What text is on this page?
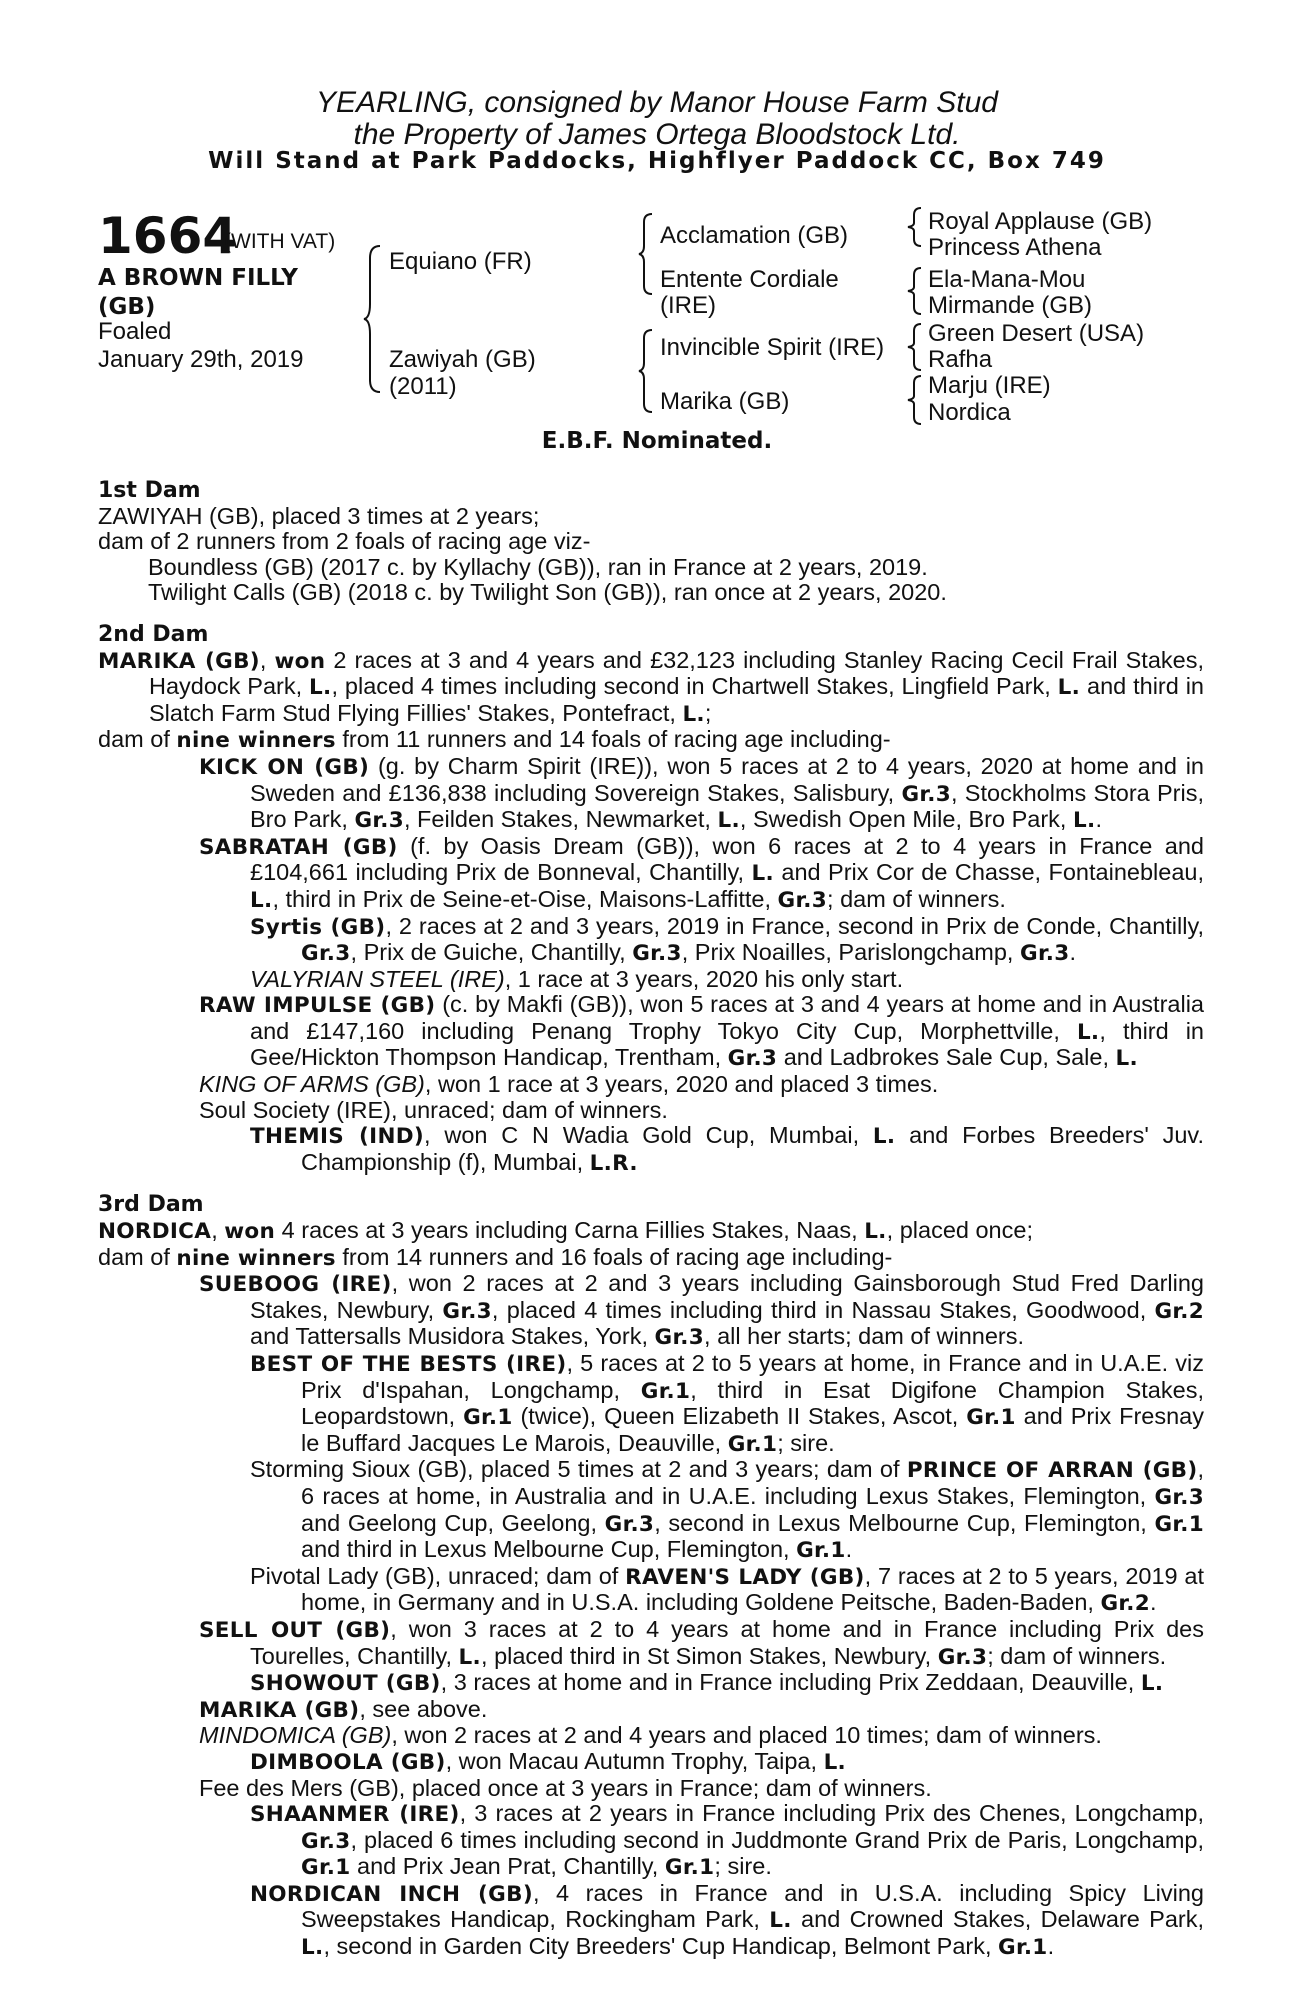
YEARLING, consigned by Manor House Farm Stud
the Property of James Ortega Bloodstock Ltd.
Will Stand at Park Paddocks, Highflyer Paddock CC, Box 749
1664
(WITH VAT)
A BROWN FILLY
(GB)
Foaled
January 29th, 2019
Equiano (FR)
Zawiyah (GB)
(2011)
Acclamation (GB)
Entente Cordiale
(IRE)
Invincible Spirit (IRE)
Marika (GB)
Royal Applause (GB)
Princess Athena
Ela-Mana-Mou
Mirmande (GB)
Green Desert (USA)
Rafha
Marju (IRE)
Nordica
E.B.F. Nominated.

1st Dam

ZAWIYAH (GB), placed 3 times at 2 years;

dam of 2 runners from 2 foals of racing age viz-

Boundless (GB) (2017 c. by Kyllachy (GB)), ran in France at 2 years, 2019.

Twilight Calls (GB) (2018 c. by Twilight Son (GB)), ran once at 2 years, 2020.

2nd Dam

MARIKA (GB), won 2 races at 3 and 4 years and £32,123 including Stanley Racing Cecil Frail Stakes, Haydock Park, L., placed 4 times including second in Chartwell Stakes, Lingfield Park, L. and third in Slatch Farm Stud Flying Fillies' Stakes, Pontefract, L.;

dam of nine winners from 11 runners and 14 foals of racing age including-

KICK ON (GB) (g. by Charm Spirit (IRE)), won 5 races at 2 to 4 years, 2020 at home and in Sweden and £136,838 including Sovereign Stakes, Salisbury, Gr.3, Stockholms Stora Pris, Bro Park, Gr.3, Feilden Stakes, Newmarket, L., Swedish Open Mile, Bro Park, L..

SABRATAH (GB) (f. by Oasis Dream (GB)), won 6 races at 2 to 4 years in France and £104,661 including Prix de Bonneval, Chantilly, L. and Prix Cor de Chasse, Fontainebleau, L., third in Prix de Seine-et-Oise, Maisons-Laffitte, Gr.3; dam of winners.

Syrtis (GB), 2 races at 2 and 3 years, 2019 in France, second in Prix de Conde, Chantilly, Gr.3, Prix de Guiche, Chantilly, Gr.3, Prix Noailles, Parislongchamp, Gr.3.

VALYRIAN STEEL (IRE), 1 race at 3 years, 2020 his only start.

RAW IMPULSE (GB) (c. by Makfi (GB)), won 5 races at 3 and 4 years at home and in Australia and £147,160 including Penang Trophy Tokyo City Cup, Morphettville, L., third in Gee/Hickton Thompson Handicap, Trentham, Gr.3 and Ladbrokes Sale Cup, Sale, L.

KING OF ARMS (GB), won 1 race at 3 years, 2020 and placed 3 times.

Soul Society (IRE), unraced; dam of winners.

THEMIS (IND), won C N Wadia Gold Cup, Mumbai, L. and Forbes Breeders' Juv. Championship (f), Mumbai, L.R.

3rd Dam

NORDICA, won 4 races at 3 years including Carna Fillies Stakes, Naas, L., placed once;

dam of nine winners from 14 runners and 16 foals of racing age including-

SUEBOOG (IRE), won 2 races at 2 and 3 years including Gainsborough Stud Fred Darling Stakes, Newbury, Gr.3, placed 4 times including third in Nassau Stakes, Goodwood, Gr.2 and Tattersalls Musidora Stakes, York, Gr.3, all her starts; dam of winners.

BEST OF THE BESTS (IRE), 5 races at 2 to 5 years at home, in France and in U.A.E. viz Prix d'Ispahan, Longchamp, Gr.1, third in Esat Digifone Champion Stakes, Leopardstown, Gr.1 (twice), Queen Elizabeth II Stakes, Ascot, Gr.1 and Prix Fresnay le Buffard Jacques Le Marois, Deauville, Gr.1; sire.

Storming Sioux (GB), placed 5 times at 2 and 3 years; dam of PRINCE OF ARRAN (GB), 6 races at home, in Australia and in U.A.E. including Lexus Stakes, Flemington, Gr.3 and Geelong Cup, Geelong, Gr.3, second in Lexus Melbourne Cup, Flemington, Gr.1 and third in Lexus Melbourne Cup, Flemington, Gr.1.

Pivotal Lady (GB), unraced; dam of RAVEN'S LADY (GB), 7 races at 2 to 5 years, 2019 at home, in Germany and in U.S.A. including Goldene Peitsche, Baden-Baden, Gr.2.

SELL OUT (GB), won 3 races at 2 to 4 years at home and in France including Prix des Tourelles, Chantilly, L., placed third in St Simon Stakes, Newbury, Gr.3; dam of winners.

SHOWOUT (GB), 3 races at home and in France including Prix Zeddaan, Deauville, L.

MARIKA (GB), see above.

MINDOMICA (GB), won 2 races at 2 and 4 years and placed 10 times; dam of winners.

DIMBOOLA (GB), won Macau Autumn Trophy, Taipa, L.

Fee des Mers (GB), placed once at 3 years in France; dam of winners.

SHAANMER (IRE), 3 races at 2 years in France including Prix des Chenes, Longchamp, Gr.3, placed 6 times including second in Juddmonte Grand Prix de Paris, Longchamp, Gr.1 and Prix Jean Prat, Chantilly, Gr.1; sire.

NORDICAN INCH (GB), 4 races in France and in U.S.A. including Spicy Living Sweepstakes Handicap, Rockingham Park, L. and Crowned Stakes, Delaware Park, L., second in Garden City Breeders' Cup Handicap, Belmont Park, Gr.1.
